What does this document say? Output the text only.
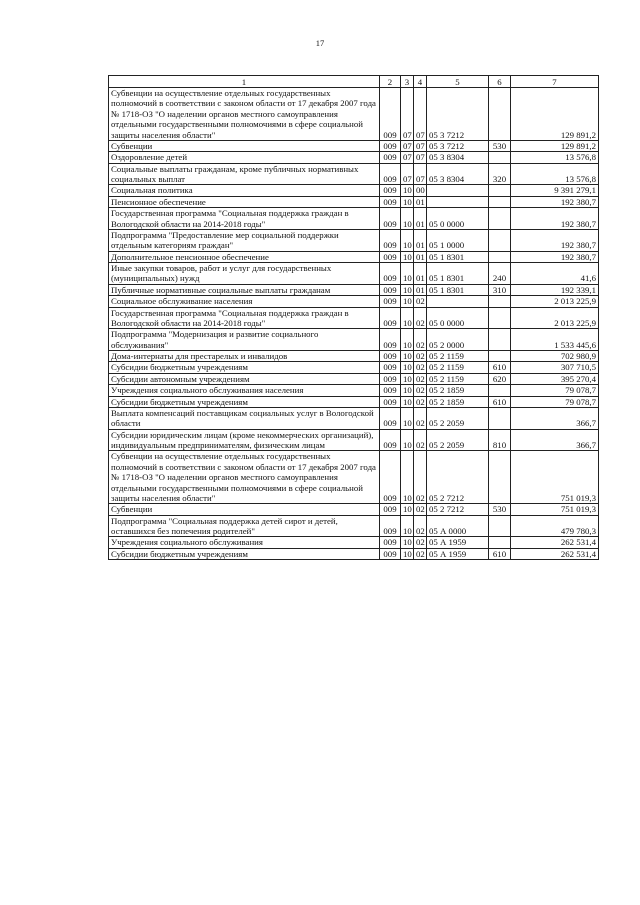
17
1	2	3	4	5	6	7
Субвенции на осуществление отдельных государственных полномочий в соответствии с законом области от 17 декабря 2007 года № 1718-ОЗ "О наделении органов местного самоуправления отдельными государственными полномочиями в сфере социальной защиты населения области"	009	07	07	05 3 7212		129 891,2
Субвенции	009	07	07	05 3 7212	530	129 891,2
Оздоровление детей	009	07	07	05 3 8304		13 576,8
Социальные выплаты гражданам, кроме публичных нормативных социальных выплат	009	07	07	05 3 8304	320	13 576,8
Социальная политика	009	10	00			9 391 279,1
Пенсионное обеспечение	009	10	01			192 380,7
Государственная программа "Социальная поддержка граждан в Вологодской области на 2014-2018 годы"	009	10	01	05 0 0000		192 380,7
Подпрограмма "Предоставление мер социальной поддержки отдельным категориям граждан"	009	10	01	05 1 0000		192 380,7
Дополнительное пенсионное обеспечение	009	10	01	05 1 8301		192 380,7
Иные закупки товаров, работ и услуг для государственных (муниципальных) нужд	009	10	01	05 1 8301	240	41,6
Публичные нормативные социальные выплаты гражданам	009	10	01	05 1 8301	310	192 339,1
Социальное обслуживание населения	009	10	02			2 013 225,9
Государственная программа "Социальная поддержка граждан в Вологодской области на 2014-2018 годы"	009	10	02	05 0 0000		2 013 225,9
Подпрограмма "Модернизация и развитие социального обслуживания"	009	10	02	05 2 0000		1 533 445,6
Дома-интернаты для престарелых и инвалидов	009	10	02	05 2 1159		702 980,9
Субсидии бюджетным учреждениям	009	10	02	05 2 1159	610	307 710,5
Субсидии автономным учреждениям	009	10	02	05 2 1159	620	395 270,4
Учреждения социального обслуживания населения	009	10	02	05 2 1859		79 078,7
Субсидии бюджетным учреждениям	009	10	02	05 2 1859	610	79 078,7
Выплата компенсаций поставщикам социальных услуг в Вологодской области	009	10	02	05 2 2059		366,7
Субсидии юридическим лицам (кроме некоммерческих организаций), индивидуальным предпринимателям, физическим лицам	009	10	02	05 2 2059	810	366,7
Субвенции на осуществление отдельных государственных полномочий в соответствии с законом области от 17 декабря 2007 года № 1718-ОЗ "О наделении органов местного самоуправления отдельными государственными полномочиями в сфере социальной защиты населения области"	009	10	02	05 2 7212		751 019,3
Субвенции	009	10	02	05 2 7212	530	751 019,3
Подпрограмма "Социальная поддержка детей сирот и детей, оставшихся без попечения родителей"	009	10	02	05 А 0000		479 780,3
Учреждения социального обслуживания	009	10	02	05 А 1959		262 531,4
Субсидии бюджетным учреждениям	009	10	02	05 А 1959	610	262 531,4
